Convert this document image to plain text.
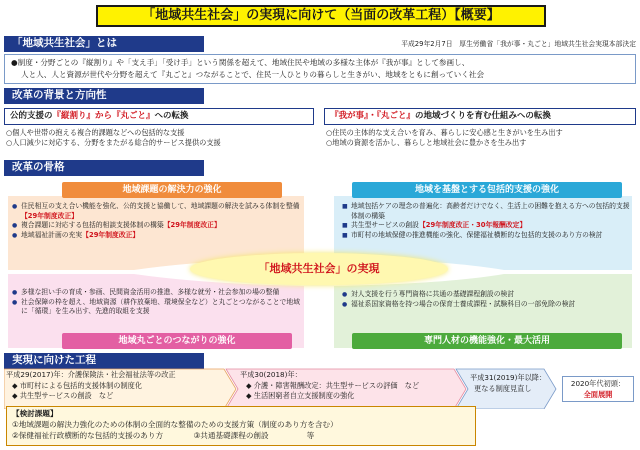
「地域共生社会」の実現に向けて（当面の改革工程）【概要】
「地域共生社会」とは	平成29年2月7日　厚生労働省「我が事・丸ごと」地域共生社会実現本部決定
●制度・分野ごとの『縦割り』や「支え手」「受け手」という関係を超えて、地域住民や地域の多様な主体が『我が事』として参画し、
人と人、人と資源が世代や分野を超えて『丸ごと』つながることで、住民一人ひとりの暮らしと生きがい、地域をともに創っていく社会
改革の背景と方向性
公的支援の『縦割り』から『丸ごと』への転換
○個人や世帯の抱える複合的課題などへの包括的な支援
○人口減少に対応する、分野をまたがる総合的サービス提供の支援
『我が事』・『丸ごと』の地域づくりを育む仕組みへの転換
○住民の主体的な支え合いを育み、暮らしに安心感と生きがいを生み出す
○地域の資源を活かし、暮らしと地域社会に豊かさを生み出す
改革の骨格
地域課題の解決力の強化	地域を基盤とする包括的支援の強化
地域丸ごとのつながりの強化	専門人材の機能強化・最大活用
● 住民相互の支え合い機能を強化、公的支援と協働して、地域課題の解決を試みる体制を整備【29年制度改正】
● 複合課題に対応する包括的相談支援体制の構築【29年制度改正】
● 地域福祉計画の充実【29年制度改正】
■ 地域包括ケアの理念の普遍化：高齢者だけでなく、生活上の困難を抱える方への包括的支援体制の構築
■ 共生型サービスの創設【29年制度改正・30年報酬改定】
■ 市町村の地域保健の推進機能の強化、保健福祉横断的な包括的支援のあり方の検討
「地域共生社会」の実現
● 多様な担い手の育成・参画、民間資金活用の推進、多様な就労・社会参加の場の整備
● 社会保障の枠を超え、地域資源（耕作放棄地、環境保全など）と丸ごとつながることで地域に「循環」を生み出す、先進的取組を支援
● 対人支援を行う専門資格に共通の基礎課程創設の検討
● 福祉系国家資格を持つ場合の保育士養成課程・試験科目の一部免除の検討
実現に向けた工程
平成29(2017)年：介護保険法・社会福祉法等の改正
◆ 市町村による包括的支援体制の制度化
◆ 共生型サービスの創設　など
平成30(2018)年：
◆ 介護・障害報酬改定：共生型サービスの評価　など
◆ 生活困窮者自立支援制度の強化
平成31(2019)年以降：
更なる制度見直し
2020年代初頭：
全面展開
【検討課題】
①地域課題の解決力強化のための体制の全面的な整備のための支援方策（制度のあり方を含む）
②保健福祉行政横断的な包括的支援のあり方　　　　③共通基礎課程の創設　　　　　等
